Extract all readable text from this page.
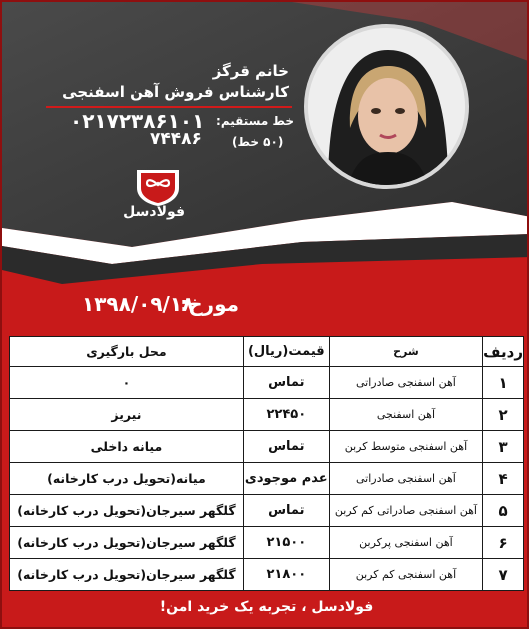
خانم قرگز
کارشناس فروش آهن اسفنجی
خط مستقیم:
۰۲۱۷۲۳۸۶۱۰۱
(۵۰ خط)
۷۴۴۸۶
فولادسل
مورخ:
۱۳۹۸/۰۹/۱۸
ردیف	شرح	قیمت(ریال)	محل بارگیری
۱	آهن اسفنجی صادراتی	تماس	۰
۲	آهن اسفنجی	۲۲۴۵۰	نیریز
۳	آهن اسفنجی متوسط کربن	تماس	میانه داخلی
۴	آهن اسفنجی صادراتی	عدم موجودی	میانه(تحویل درب کارخانه)
۵	آهن اسفنجی صادراتی کم کربن	تماس	گلگهر سیرجان(تحویل درب کارخانه)
۶	آهن اسفنجی پرکربن	۲۱۵۰۰	گلگهر سیرجان(تحویل درب کارخانه)
۷	آهن اسفنجی کم کربن	۲۱۸۰۰	گلگهر سیرجان(تحویل درب کارخانه)
فولادسل ، تجربه یک خرید امن!
